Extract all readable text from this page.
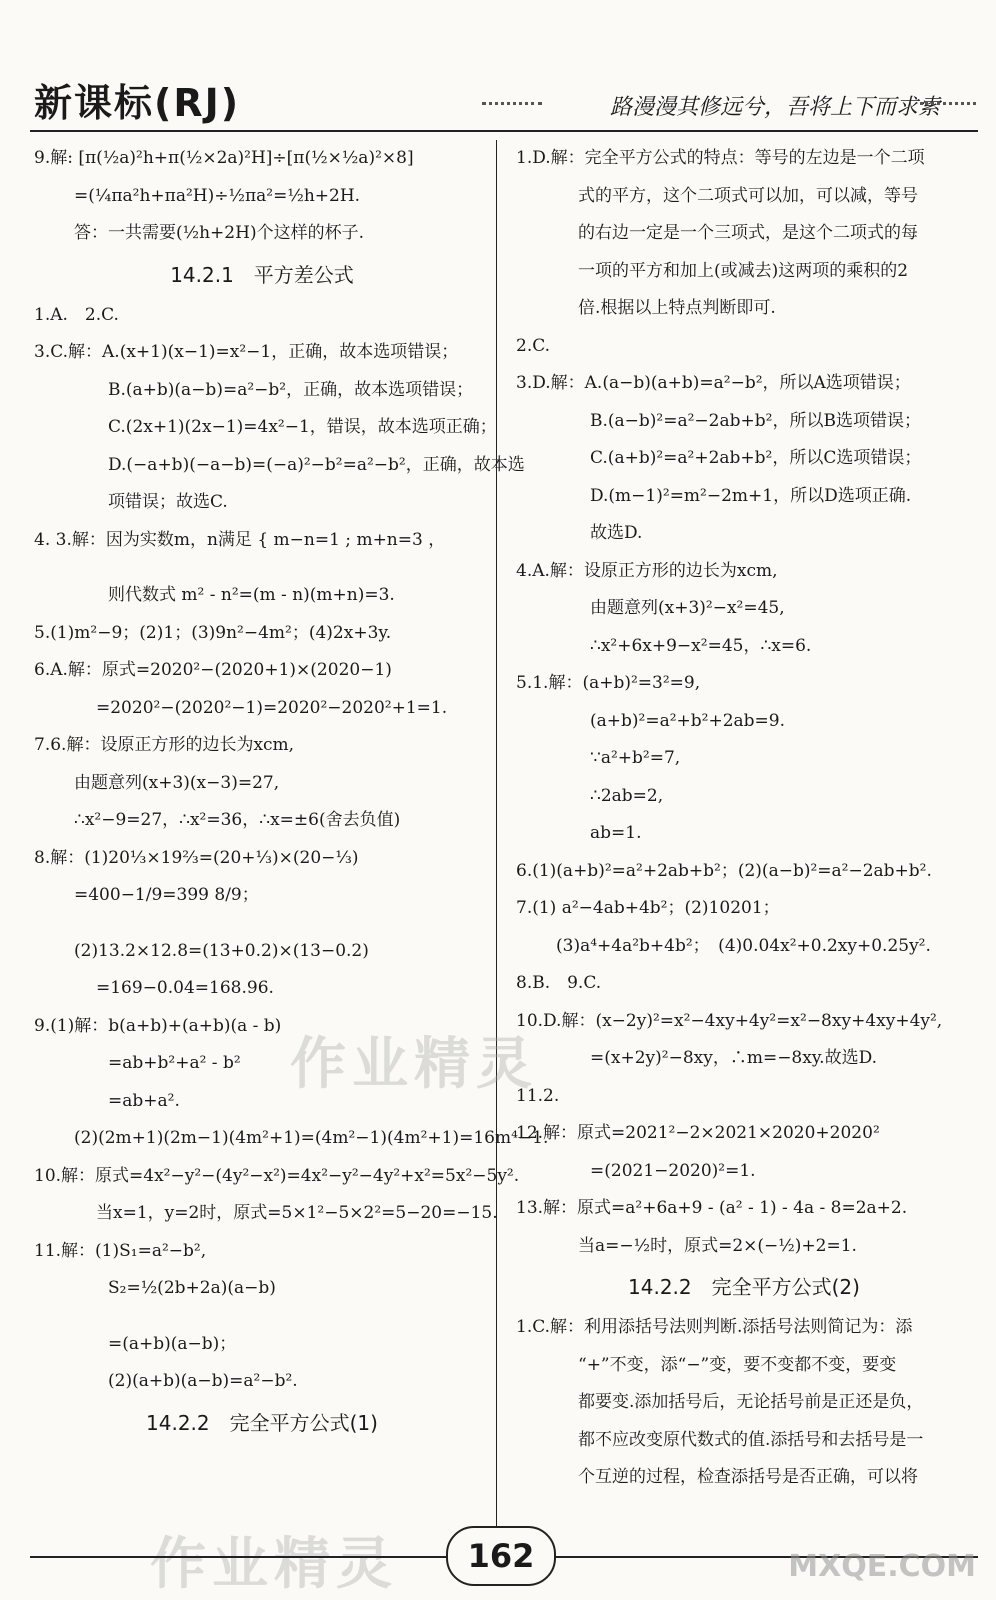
新课标(RJ)	路漫漫其修远兮，吾将上下而求索
9.解: [π(½a)²h+π(½×2a)²H]÷[π(½×½a)²×8]
=(¼πa²h+πa²H)÷½πa²=½h+2H.
答：一共需要(½h+2H)个这样的杯子.
14.2.1　平方差公式
1.A.　2.C.
3.C.解：A.(x+1)(x−1)=x²−1，正确，故本选项错误；
B.(a+b)(a−b)=a²−b²，正确，故本选项错误；
C.(2x+1)(2x−1)=4x²−1，错误，故本选项正确；
D.(−a+b)(−a−b)=(−a)²−b²=a²−b²，正确，故本选
项错误；故选C.
4. 3.解：因为实数m，n满足 { m−n=1 ; m+n=3 ，
则代数式 m² - n²=(m - n)(m+n)=3.
5.(1)m²−9；(2)1；(3)9n²−4m²；(4)2x+3y.
6.A.解：原式=2020²−(2020+1)×(2020−1)
=2020²−(2020²−1)=2020²−2020²+1=1.
7.6.解：设原正方形的边长为xcm,
由题意列(x+3)(x−3)=27,
∴x²−9=27，∴x²=36，∴x=±6(舍去负值)
8.解：(1)20⅓×19⅔=(20+⅓)×(20−⅓)
=400−1/9=399 8/9；
(2)13.2×12.8=(13+0.2)×(13−0.2)
=169−0.04=168.96.
9.(1)解：b(a+b)+(a+b)(a - b)
=ab+b²+a² - b²
=ab+a².
(2)(2m+1)(2m−1)(4m²+1)=(4m²−1)(4m²+1)=16m⁴−1.
10.解：原式=4x²−y²−(4y²−x²)=4x²−y²−4y²+x²=5x²−5y².
当x=1，y=2时，原式=5×1²−5×2²=5−20=−15.
11.解：(1)S₁=a²−b²,
S₂=½(2b+2a)(a−b)
=(a+b)(a−b)；
(2)(a+b)(a−b)=a²−b².
14.2.2　完全平方公式(1)
1.D.解：完全平方公式的特点：等号的左边是一个二项
式的平方，这个二项式可以加，可以减，等号
的右边一定是一个三项式，是这个二项式的每
一项的平方和加上(或减去)这两项的乘积的2
倍.根据以上特点判断即可.
2.C.
3.D.解：A.(a−b)(a+b)=a²−b²，所以A选项错误；
B.(a−b)²=a²−2ab+b²，所以B选项错误；
C.(a+b)²=a²+2ab+b²，所以C选项错误；
D.(m−1)²=m²−2m+1，所以D选项正确.
故选D.
4.A.解：设原正方形的边长为xcm,
由题意列(x+3)²−x²=45,
∴x²+6x+9−x²=45，∴x=6.
5.1.解：(a+b)²=3²=9,
(a+b)²=a²+b²+2ab=9.
∵a²+b²=7,
∴2ab=2,
ab=1.
6.(1)(a+b)²=a²+2ab+b²；(2)(a−b)²=a²−2ab+b².
7.(1) a²−4ab+4b²；(2)10201；
(3)a⁴+4a²b+4b²；　(4)0.04x²+0.2xy+0.25y².
8.B.　9.C.
10.D.解：(x−2y)²=x²−4xy+4y²=x²−8xy+4xy+4y²,
=(x+2y)²−8xy，∴m=−8xy.故选D.
11.2.
12.解：原式=2021²−2×2021×2020+2020²
=(2021−2020)²=1.
13.解：原式=a²+6a+9 - (a² - 1) - 4a - 8=2a+2.
当a=−½时，原式=2×(−½)+2=1.
14.2.2　完全平方公式(2)
1.C.解：利用添括号法则判断.添括号法则简记为：添
“+”不变，添“−”变，要不变都不变，要变
都要变.添加括号后，无论括号前是正还是负，
都不应改变原代数式的值.添括号和去括号是一
个互逆的过程，检查添括号是否正确，可以将
作业精灵
作业精灵	162	MXQE.COM
